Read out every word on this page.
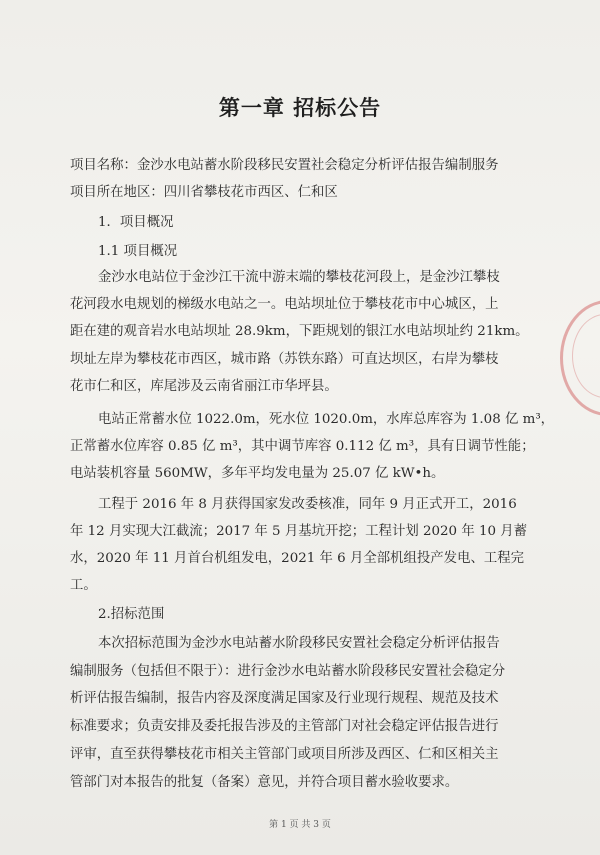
第一章 招标公告
项目名称：金沙水电站蓄水阶段移民安置社会稳定分析评估报告编制服务
项目所在地区：四川省攀枝花市西区、仁和区
1．项目概况
1.1 项目概况
金沙水电站位于金沙江干流中游末端的攀枝花河段上，是金沙江攀枝
花河段水电规划的梯级水电站之一。电站坝址位于攀枝花市中心城区，上
距在建的观音岩水电站坝址 28.9km，下距规划的银江水电站坝址约 21km。
坝址左岸为攀枝花市西区，城市路（苏铁东路）可直达坝区，右岸为攀枝
花市仁和区，库尾涉及云南省丽江市华坪县。
电站正常蓄水位 1022.0m，死水位 1020.0m，水库总库容为 1.08 亿 m³，
正常蓄水位库容 0.85 亿 m³，其中调节库容 0.112 亿 m³，具有日调节性能；
电站装机容量 560MW，多年平均发电量为 25.07 亿 kW•h。
工程于 2016 年 8 月获得国家发改委核准，同年 9 月正式开工，2016
年 12 月实现大江截流；2017 年 5 月基坑开挖；工程计划 2020 年 10 月蓄
水，2020 年 11 月首台机组发电，2021 年 6 月全部机组投产发电、工程完
工。
2.招标范围
本次招标范围为金沙水电站蓄水阶段移民安置社会稳定分析评估报告
编制服务（包括但不限于）：进行金沙水电站蓄水阶段移民安置社会稳定分
析评估报告编制，报告内容及深度满足国家及行业现行规程、规范及技术
标准要求；负责安排及委托报告涉及的主管部门对社会稳定评估报告进行
评审，直至获得攀枝花市相关主管部门或项目所涉及西区、仁和区相关主
管部门对本报告的批复（备案）意见，并符合项目蓄水验收要求。
第 1 页 共 3 页
